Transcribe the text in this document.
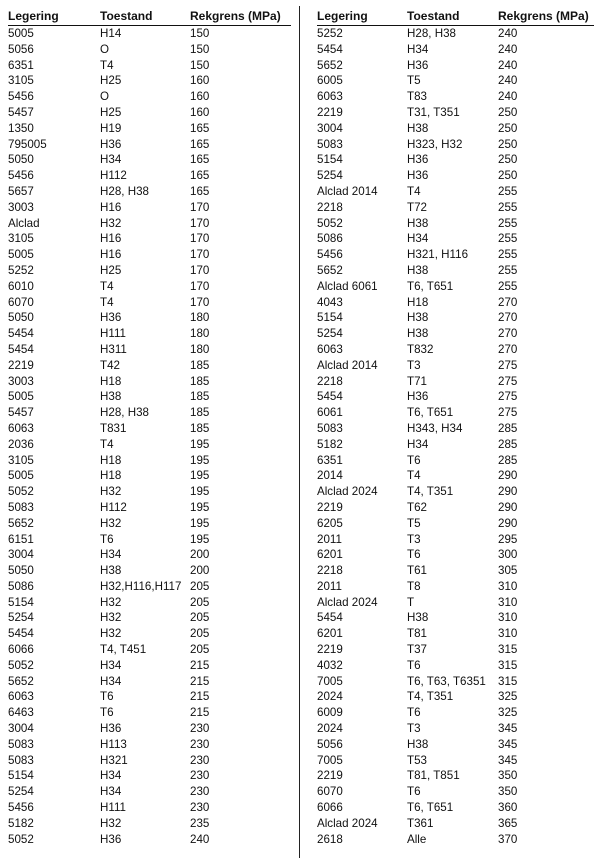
Legering	Toestand	Rekgrens (MPa)
5005	H14	150
5056	O	150
6351	T4	150
3105	H25	160
5456	O	160
5457	H25	160
1350	H19	165
795005	H36	165
5050	H34	165
5456	H112	165
5657	H28, H38	165
3003	H16	170
Alclad	H32	170
3105	H16	170
5005	H16	170
5252	H25	170
6010	T4	170
6070	T4	170
5050	H36	180
5454	H111	180
5454	H311	180
2219	T42	185
3003	H18	185
5005	H38	185
5457	H28, H38	185
6063	T831	185
2036	T4	195
3105	H18	195
5005	H18	195
5052	H32	195
5083	H112	195
5652	H32	195
6151	T6	195
3004	H34	200
5050	H38	200
5086	H32,H116,H117 205
5154	H32	205
5254	H32	205
5454	H32	205
6066	T4, T451	205
5052	H34	215
5652	H34	215
6063	T6	215
6463	T6	215
3004	H36	230
5083	H113	230
5083	H321	230
5154	H34	230
5254	H34	230
5456	H111	230
5182	H32	235
5052	H36	240
Legering	Toestand	Rekgrens (MPa)
5252	H28, H38	240
5454	H34	240
5652	H36	240
6005	T5	240
6063	T83	240
2219	T31, T351	250
3004	H38	250
5083	H323, H32	250
5154	H36	250
5254	H36	250
Alclad 2014	T4	255
2218	T72	255
5052	H38	255
5086	H34	255
5456	H321, H116	255
5652	H38	255
Alclad 6061	T6, T651	255
4043	H18	270
5154	H38	270
5254	H38	270
6063	T832	270
Alclad 2014	T3	275
2218	T71	275
5454	H36	275
6061	T6, T651	275
5083	H343, H34	285
5182	H34	285
6351	T6	285
2014	T4	290
Alclad 2024	T4, T351	290
2219	T62	290
6205	T5	290
2011	T3	295
6201	T6	300
2218	T61	305
2011	T8	310
Alclad 2024	T	310
5454	H38	310
6201	T81	310
2219	T37	315
4032	T6	315
7005	T6, T63, T6351	315
2024	T4, T351	325
6009	T6	325
2024	T3	345
5056	H38	345
7005	T53	345
2219	T81, T851	350
6070	T6	350
6066	T6, T651	360
Alclad 2024	T361	365
2618	Alle	370
